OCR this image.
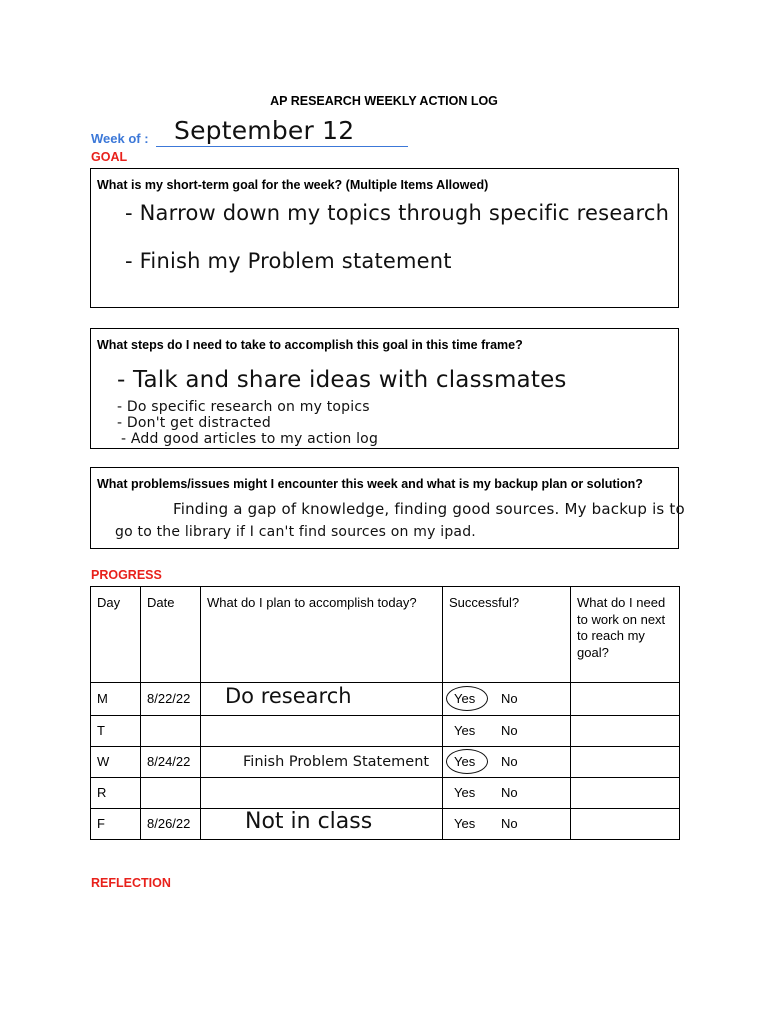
AP RESEARCH WEEKLY ACTION LOG
Week of : September 12
GOAL
What is my short-term goal for the week? (Multiple Items Allowed)
- Narrow down my topics through specific research
- Finish my Problem statement
What steps do I need to take to accomplish this goal in this time frame?
- Talk and share ideas with classmates
- Do specific research on my topics
- Don't get distracted
- Add good articles to my action log
What problems/issues might I encounter this week and what is my backup plan or solution?
Finding a gap of knowledge, finding good sources. My backup is to
go to the library if I can't find sources on my ipad.
PROGRESS
Day	Date	What do I plan to accomplish today?	Successful?	What do I need to work on next to reach my goal?
M	8/22/22	Do research	Yes No	
T			Yes No	
W	8/24/22	Finish Problem Statement	Yes No	
R			Yes No	
F	8/26/22	Not in class	Yes No	
REFLECTION
